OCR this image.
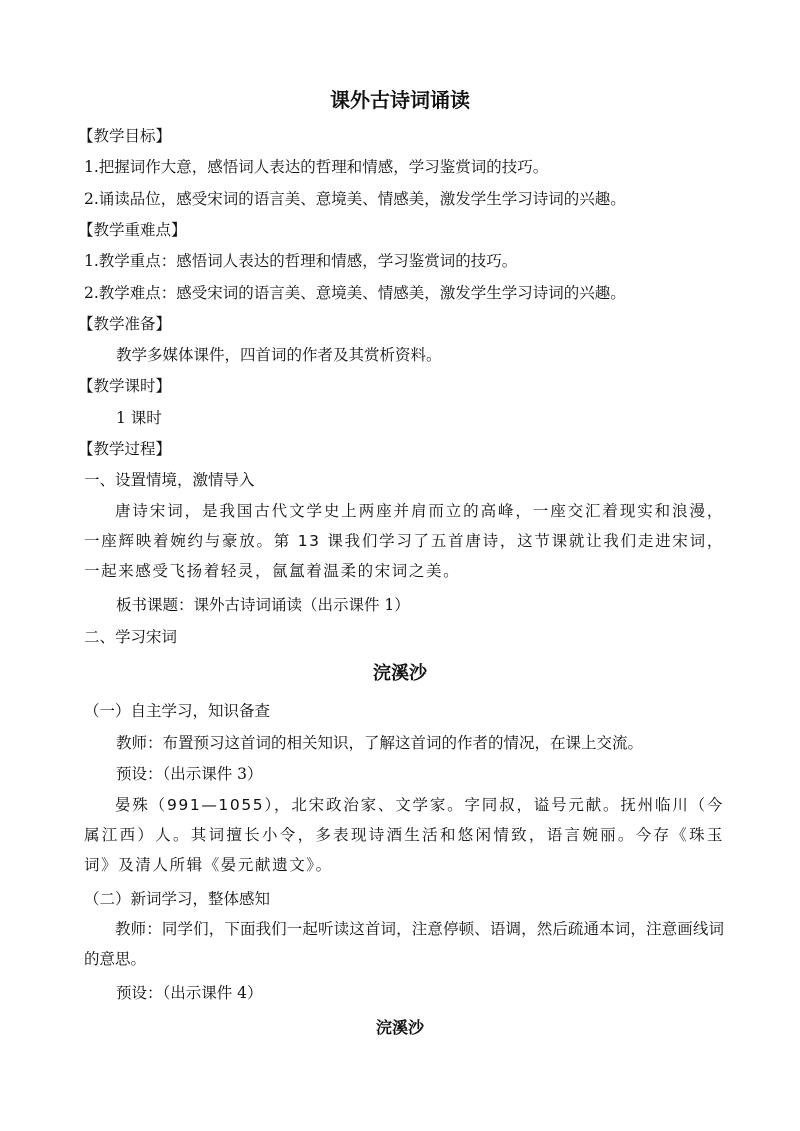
课外古诗词诵读

【教学目标】

1.把握词作大意，感悟词人表达的哲理和情感，学习鉴赏词的技巧。

2.诵读品位，感受宋词的语言美、意境美、情感美，激发学生学习诗词的兴趣。

【教学重难点】

1.教学重点：感悟词人表达的哲理和情感，学习鉴赏词的技巧。

2.教学难点：感受宋词的语言美、意境美、情感美，激发学生学习诗词的兴趣。

【教学准备】

教学多媒体课件，四首词的作者及其赏析资料。

【教学课时】

1 课时

【教学过程】

一、设置情境，激情导入

唐诗宋词，是我国古代文学史上两座并肩而立的高峰，一座交汇着现实和浪漫，一座辉映着婉约与豪放。第 13 课我们学习了五首唐诗，这节课就让我们走进宋词，一起来感受飞扬着轻灵，氤氲着温柔的宋词之美。

板书课题：课外古诗词诵读（出示课件 1）

二、学习宋词

浣溪沙

（一）自主学习，知识备查

教师：布置预习这首词的相关知识，了解这首词的作者的情况，在课上交流。

预设：（出示课件 3）

晏殊（991—1055），北宋政治家、文学家。字同叔，谥号元献。抚州临川（今属江西）人。其词擅长小令，多表现诗酒生活和悠闲情致，语言婉丽。今存《珠玉词》及清人所辑《晏元献遗文》。

（二）新词学习，整体感知

教师：同学们，下面我们一起听读这首词，注意停顿、语调，然后疏通本词，注意画线词的意思。

预设：（出示课件 4）

浣溪沙
